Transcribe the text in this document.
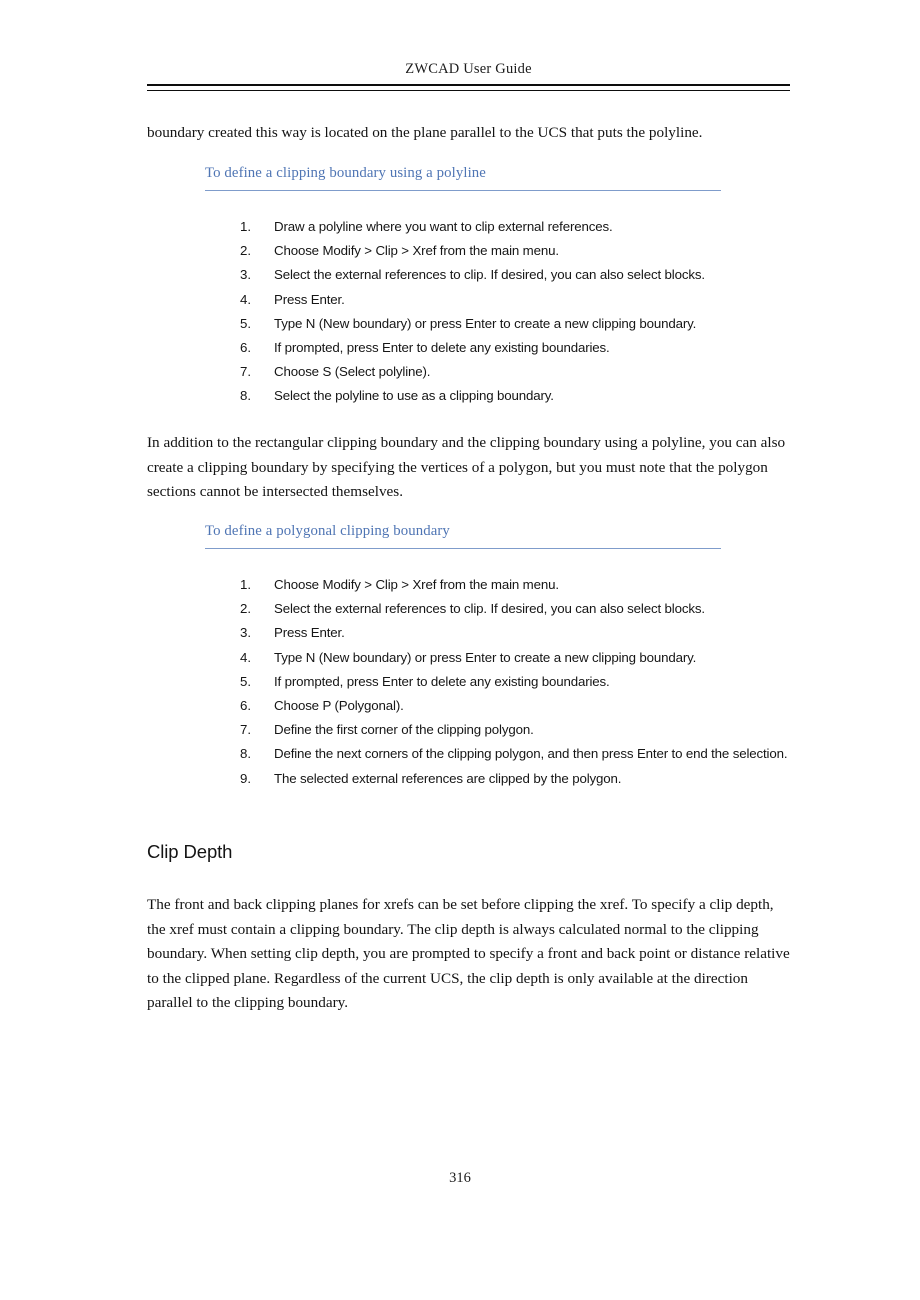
ZWCAD User Guide

boundary created this way is located on the plane parallel to the UCS that puts the polyline.

To define a clipping boundary using a polyline
1.	Draw a polyline where you want to clip external references.
2.	Choose Modify > Clip > Xref from the main menu.
3.	Select the external references to clip. If desired, you can also select blocks.
4.	Press Enter.
5.	Type N (New boundary) or press Enter to create a new clipping boundary.
6.	If prompted, press Enter to delete any existing boundaries.
7.	Choose S (Select polyline).
8.	Select the polyline to use as a clipping boundary.

In addition to the rectangular clipping boundary and the clipping boundary using a polyline, you can also create a clipping boundary by specifying the vertices of a polygon, but you must note that the polygon sections cannot be intersected themselves.

To define a polygonal clipping boundary
1.	Choose Modify > Clip > Xref from the main menu.
2.	Select the external references to clip. If desired, you can also select blocks.
3.	Press Enter.
4.	Type N (New boundary) or press Enter to create a new clipping boundary.
5.	If prompted, press Enter to delete any existing boundaries.
6.	Choose P (Polygonal).
7.	Define the first corner of the clipping polygon.
8.	Define the next corners of the clipping polygon, and then press Enter to end the selection.
9.	The selected external references are clipped by the polygon.
Clip Depth

The front and back clipping planes for xrefs can be set before clipping the xref. To specify a clip depth, the xref must contain a clipping boundary. The clip depth is always calculated normal to the clipping boundary. When setting clip depth, you are prompted to specify a front and back point or distance relative to the clipped plane. Regardless of the current UCS, the clip depth is only available at the direction parallel to the clipping boundary.

316
